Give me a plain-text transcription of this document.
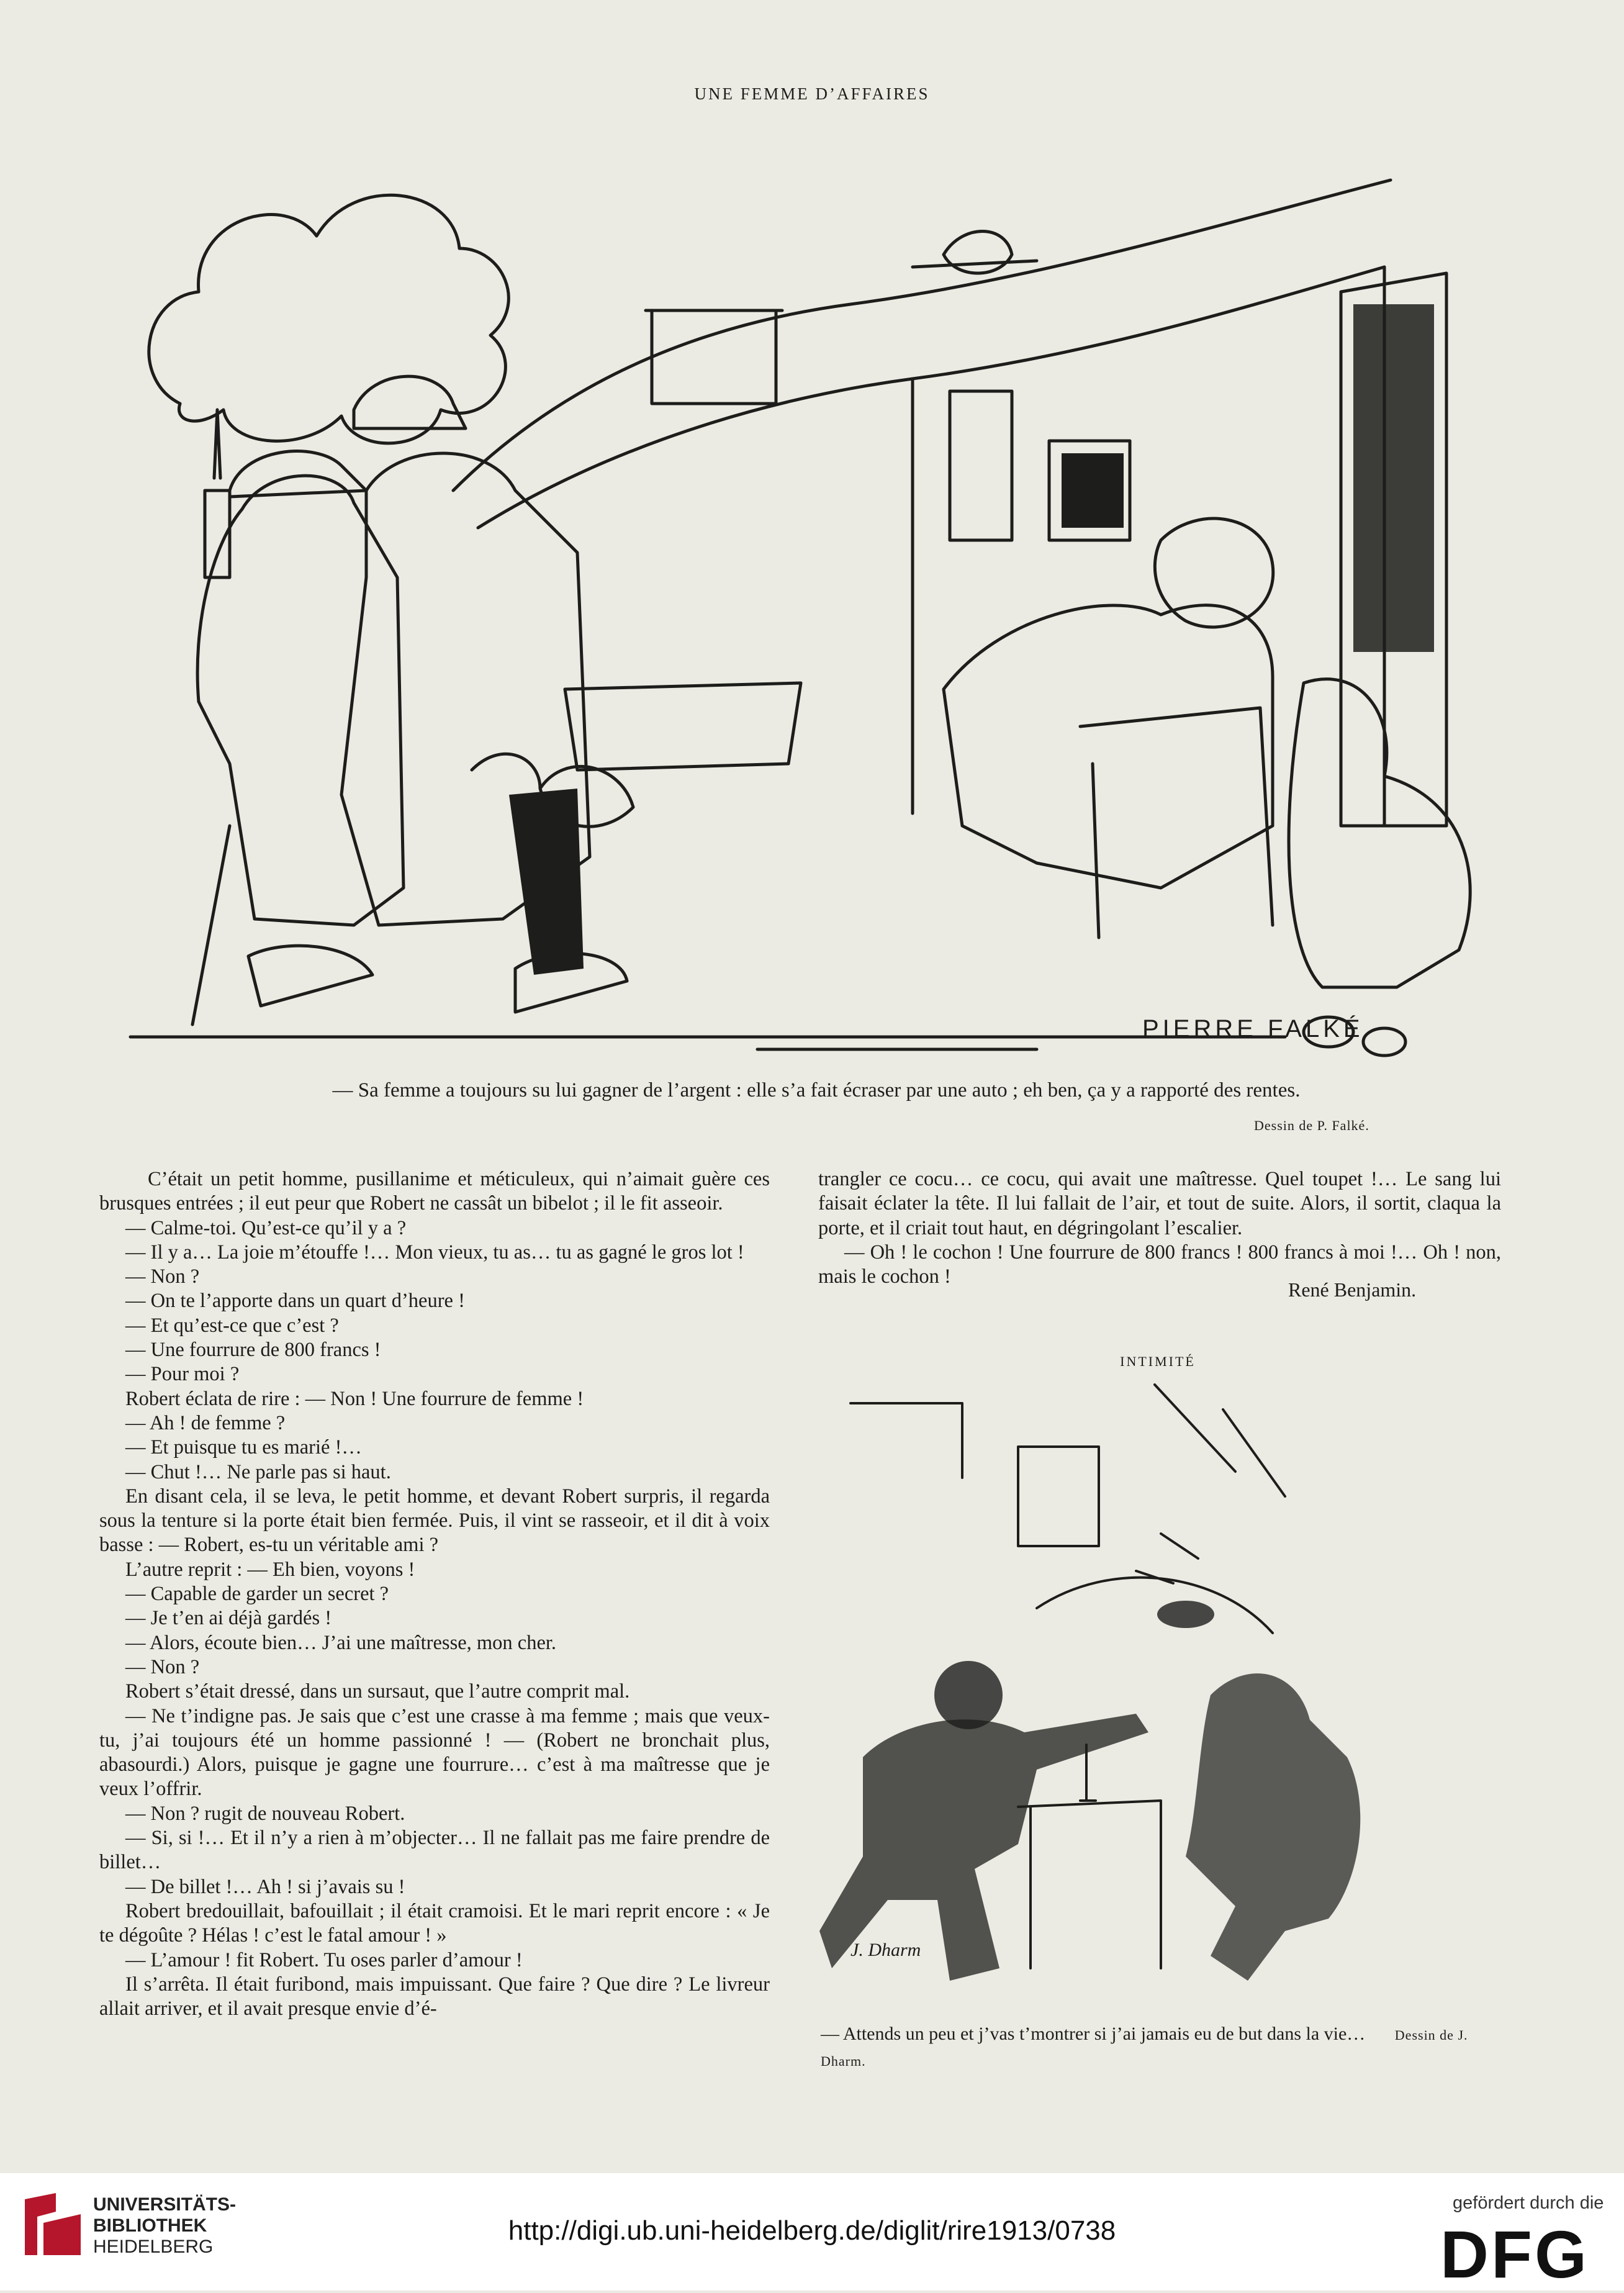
UNE FEMME D’AFFAIRES
PIERRE FALKÉ
— Sa femme a toujours su lui gagner de l’argent : elle s’a fait écraser par une auto ; eh ben, ça y a rapporté des rentes.
Dessin de P. Falké.

C’était un petit homme, pusillanime et méticuleux, qui n’aimait guère ces brusques entrées ; il eut peur que Robert ne cassât un bibelot ; il le fit asseoir.

— Calme-toi. Qu’est-ce qu’il y a ?

— Il y a… La joie m’étouffe !… Mon vieux, tu as… tu as gagné le gros lot !

— Non ?

— On te l’apporte dans un quart d’heure !

— Et qu’est-ce que c’est ?

— Une fourrure de 800 francs !

— Pour moi ?

Robert éclata de rire : — Non ! Une fourrure de femme !

— Ah ! de femme ?

— Et puisque tu es marié !…

— Chut !… Ne parle pas si haut.

En disant cela, il se leva, le petit homme, et devant Robert surpris, il regarda sous la tenture si la porte était bien fermée. Puis, il vint se rasseoir, et il dit à voix basse : — Robert, es-tu un véritable ami ?

L’autre reprit : — Eh bien, voyons !

— Capable de garder un secret ?

— Je t’en ai déjà gardés !

— Alors, écoute bien… J’ai une maîtresse, mon cher.

— Non ?

Robert s’était dressé, dans un sursaut, que l’autre comprit mal.

— Ne t’indigne pas. Je sais que c’est une crasse à ma femme ; mais que veux-tu, j’ai toujours été un homme passionné ! — (Robert ne bronchait plus, abasourdi.) Alors, puisque je gagne une fourrure… c’est à ma maîtresse que je veux l’offrir.

— Non ? rugit de nouveau Robert.

— Si, si !… Et il n’y a rien à m’objecter… Il ne fallait pas me faire prendre de billet…

— De billet !… Ah ! si j’avais su !

Robert bredouillait, bafouillait ; il était cramoisi. Et le mari reprit encore : « Je te dégoûte ? Hélas ! c’est le fatal amour ! »

— L’amour ! fit Robert. Tu oses parler d’amour !

Il s’arrêta. Il était furibond, mais impuissant. Que faire ? Que dire ? Le livreur allait arriver, et il avait presque envie d’é-

trangler ce cocu… ce cocu, qui avait une maîtresse. Quel toupet !… Le sang lui faisait éclater la tête. Il lui fallait de l’air, et tout de suite. Alors, il sortit, claqua la porte, et il criait tout haut, en dégringolant l’escalier.

— Oh ! le cochon ! Une fourrure de 800 francs ! 800 francs à moi !… Oh ! non, mais le cochon !

René Benjamin.
INTIMITÉ
J. Dharm
— Attends un peu et j’vas t’montrer si j’ai jamais eu de but dans la vie… Dessin de J. Dharm.
UNIVERSITÄTS-
BIBLIOTHEK
HEIDELBERG
http://digi.ub.uni-heidelberg.de/diglit/rire1913/0738
gefördert durch die
DFG
